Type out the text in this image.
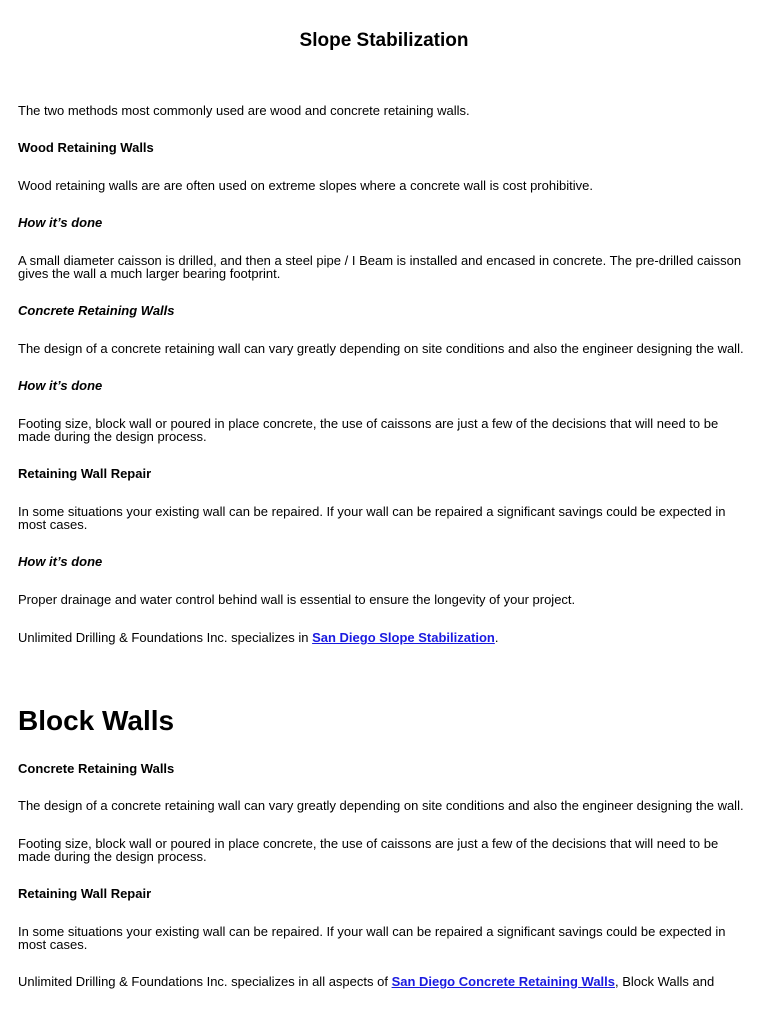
Slope Stabilization

The two methods most commonly used are wood and concrete retaining walls.

Wood Retaining Walls

Wood retaining walls are are often used on extreme slopes where a concrete wall is cost prohibitive.

How it’s done

A small diameter caisson is drilled, and then a steel pipe / I Beam is installed and encased in concrete. The pre-drilled caisson gives the wall a much larger bearing footprint.

Concrete Retaining Walls

The design of a concrete retaining wall can vary greatly depending on site conditions and also the engineer designing the wall.

How it’s done

Footing size, block wall or poured in place concrete, the use of caissons are just a few of the decisions that will need to be made during the design process.

Retaining Wall Repair

In some situations your existing wall can be repaired. If your wall can be repaired a significant savings could be expected in most cases.

How it’s done

Proper drainage and water control behind wall is essential to ensure the longevity of your project.

Unlimited Drilling & Foundations Inc. specializes in San Diego Slope Stabilization.

Block Walls

Concrete Retaining Walls

The design of a concrete retaining wall can vary greatly depending on site conditions and also the engineer designing the wall.

Footing size, block wall or poured in place concrete, the use of caissons are just a few of the decisions that will need to be made during the design process.

Retaining Wall Repair

In some situations your existing wall can be repaired. If your wall can be repaired a significant savings could be expected in most cases.

Unlimited Drilling & Foundations Inc. specializes in all aspects of San Diego Concrete Retaining Walls, Block Walls and
